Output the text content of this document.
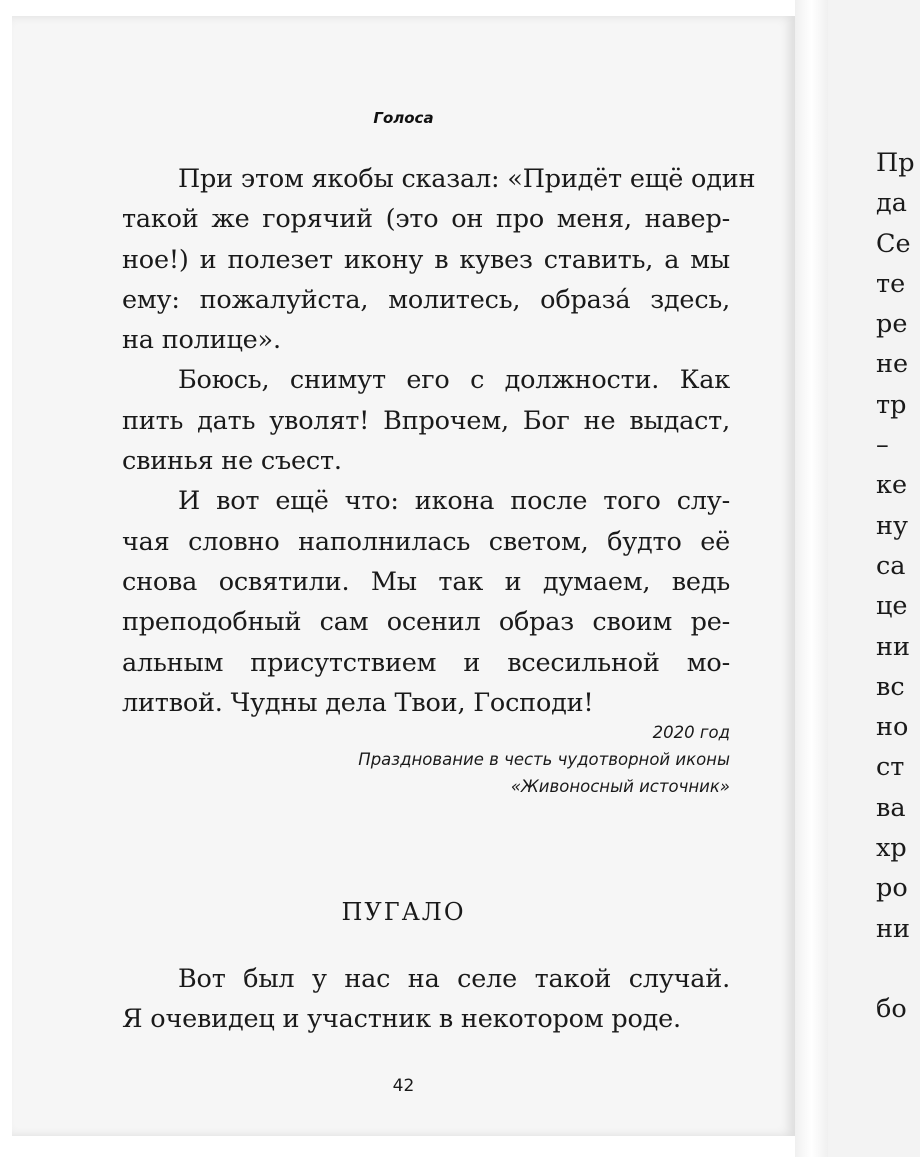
Голоса
При этом якобы сказал: «Придёт ещё один
такой же горячий (это он про меня, навер-
ное!) и полезет икону в кувез ставить, а мы
ему: пожалуйста, молитесь, образа́ здесь,
на полице».
Боюсь, снимут его с должности. Как
пить дать уволят! Впрочем, Бог не выдаст,
свинья не съест.
И вот ещё что: икона после того слу-
чая словно наполнилась светом, будто её
снова освятили. Мы так и думаем, ведь
преподобный сам осенил образ своим ре-
альным присутствием и всесильной мо-
литвой. Чудны дела Твои, Господи!
2020 год
Празднование в честь чудотворной иконы
«Живоносный источник»
ПУГАЛО
Вот был у нас на селе такой случай.
Я очевидец и участник в некотором роде.
42
Пр
да
Се
те
ре
не
тр
–
ке
ну
са
це
ни
вс
но
ст
ва
хр
ро
ни
бо
